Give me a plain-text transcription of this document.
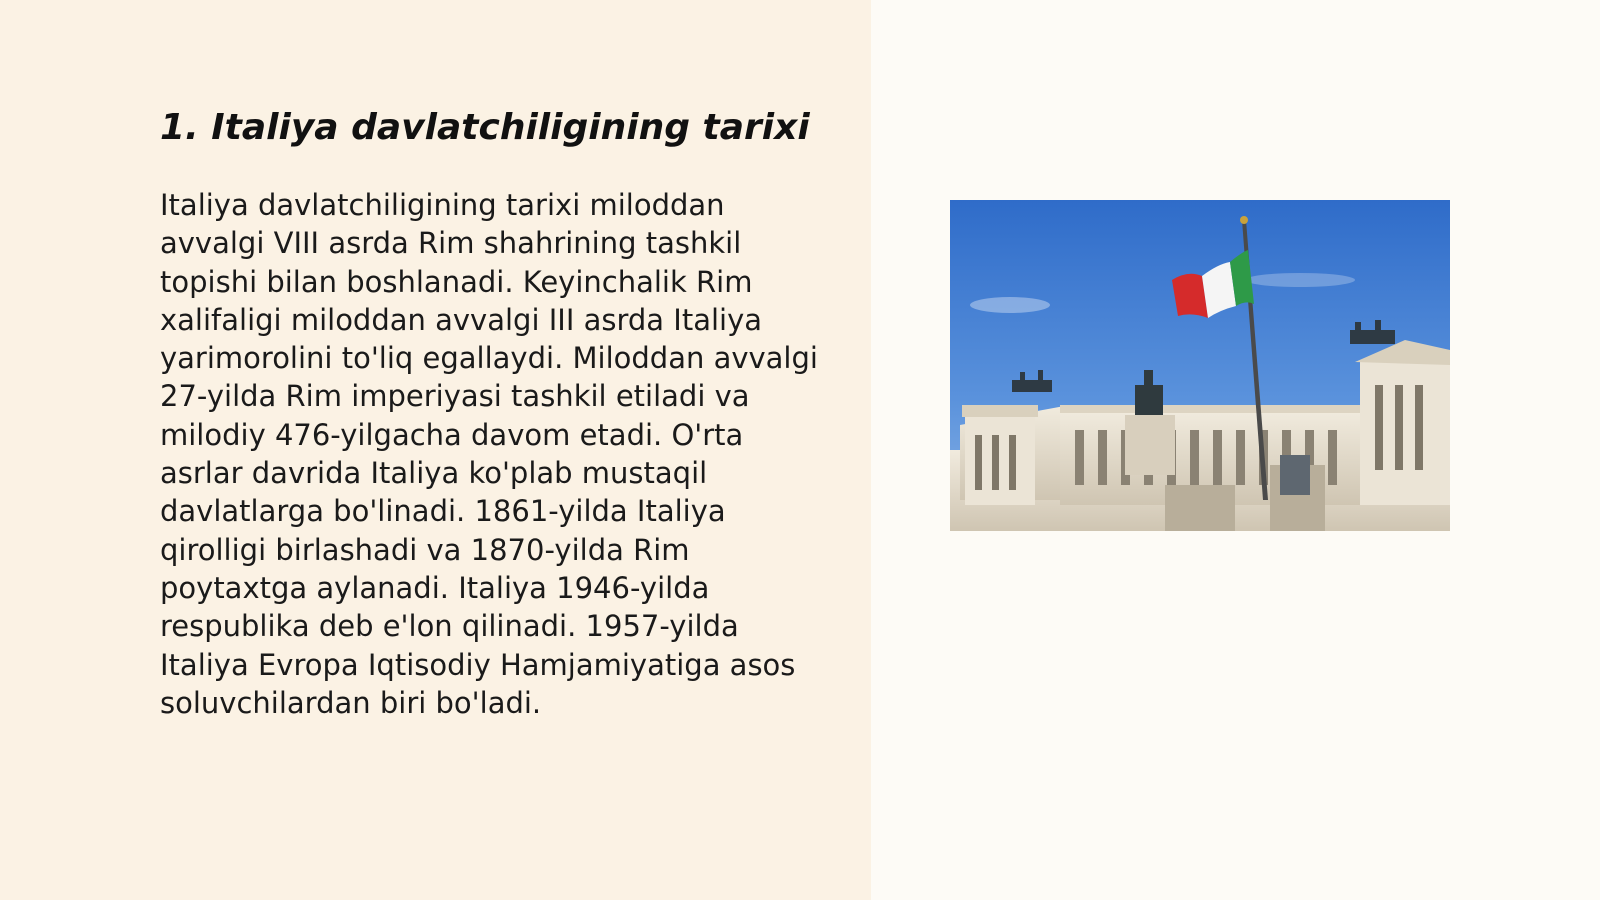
1. Italiya davlatchiligining tarixi

Italiya davlatchiligining tarixi miloddan
avvalgi VIII asrda Rim shahrining tashkil
topishi bilan boshlanadi. Keyinchalik Rim
xalifaligi miloddan avvalgi III asrda Italiya
yarimorolini to'liq egallaydi. Miloddan avvalgi
27-yilda Rim imperiyasi tashkil etiladi va
milodiy 476-yilgacha davom etadi. O'rta
asrlar davrida Italiya ko'plab mustaqil
davlatlarga bo'linadi. 1861-yilda Italiya
qirolligi birlashadi va 1870-yilda Rim
poytaxtga aylanadi. Italiya 1946-yilda
respublika deb e'lon qilinadi. 1957-yilda
Italiya Evropa Iqtisodiy Hamjamiyatiga asos
soluvchilardan biri bo'ladi.
